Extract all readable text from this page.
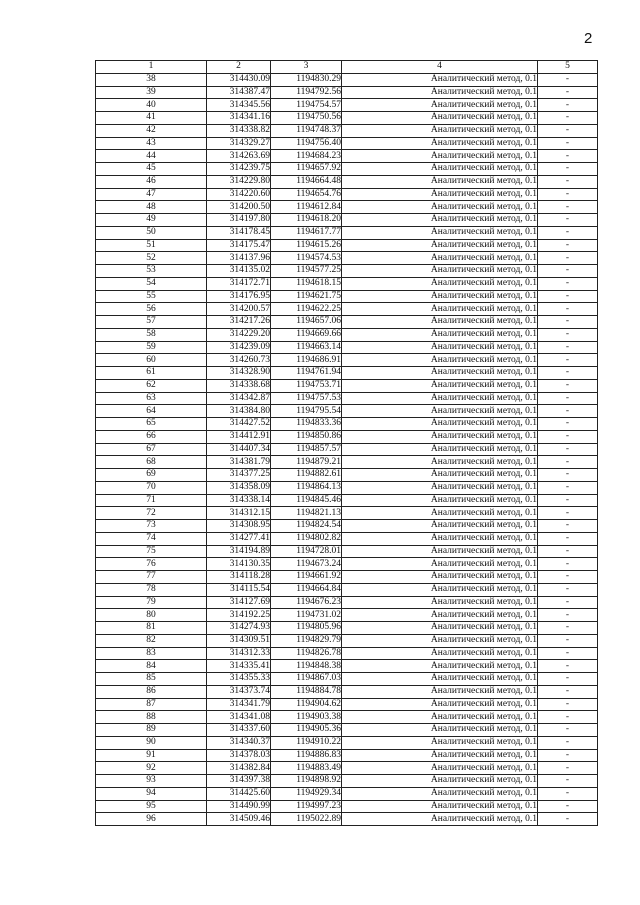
2
1	2	3	4	5
38	314430.09	1194830.29	Аналитический метод, 0.1	-
39	314387.47	1194792.56	Аналитический метод, 0.1	-
40	314345.56	1194754.57	Аналитический метод, 0.1	-
41	314341.16	1194750.56	Аналитический метод, 0.1	-
42	314338.82	1194748.37	Аналитический метод, 0.1	-
43	314329.27	1194756.40	Аналитический метод, 0.1	-
44	314263.69	1194684.23	Аналитический метод, 0.1	-
45	314239.75	1194657.92	Аналитический метод, 0.1	-
46	314229.80	1194664.48	Аналитический метод, 0.1	-
47	314220.60	1194654.76	Аналитический метод, 0.1	-
48	314200.50	1194612.84	Аналитический метод, 0.1	-
49	314197.80	1194618.20	Аналитический метод, 0.1	-
50	314178.45	1194617.77	Аналитический метод, 0.1	-
51	314175.47	1194615.26	Аналитический метод, 0.1	-
52	314137.96	1194574.53	Аналитический метод, 0.1	-
53	314135.02	1194577.25	Аналитический метод, 0.1	-
54	314172.71	1194618.15	Аналитический метод, 0.1	-
55	314176.95	1194621.75	Аналитический метод, 0.1	-
56	314200.57	1194622.25	Аналитический метод, 0.1	-
57	314217.26	1194657.06	Аналитический метод, 0.1	-
58	314229.20	1194669.66	Аналитический метод, 0.1	-
59	314239.09	1194663.14	Аналитический метод, 0.1	-
60	314260.73	1194686.91	Аналитический метод, 0.1	-
61	314328.90	1194761.94	Аналитический метод, 0.1	-
62	314338.68	1194753.71	Аналитический метод, 0.1	-
63	314342.87	1194757.53	Аналитический метод, 0.1	-
64	314384.80	1194795.54	Аналитический метод, 0.1	-
65	314427.52	1194833.36	Аналитический метод, 0.1	-
66	314412.91	1194850.86	Аналитический метод, 0.1	-
67	314407.34	1194857.57	Аналитический метод, 0.1	-
68	314381.79	1194879.21	Аналитический метод, 0.1	-
69	314377.25	1194882.61	Аналитический метод, 0.1	-
70	314358.09	1194864.13	Аналитический метод, 0.1	-
71	314338.14	1194845.46	Аналитический метод, 0.1	-
72	314312.15	1194821.13	Аналитический метод, 0.1	-
73	314308.95	1194824.54	Аналитический метод, 0.1	-
74	314277.41	1194802.82	Аналитический метод, 0.1	-
75	314194.89	1194728.01	Аналитический метод, 0.1	-
76	314130.35	1194673.24	Аналитический метод, 0.1	-
77	314118.28	1194661.92	Аналитический метод, 0.1	-
78	314115.54	1194664.84	Аналитический метод, 0.1	-
79	314127.69	1194676.23	Аналитический метод, 0.1	-
80	314192.25	1194731.02	Аналитический метод, 0.1	-
81	314274.93	1194805.96	Аналитический метод, 0.1	-
82	314309.51	1194829.79	Аналитический метод, 0.1	-
83	314312.33	1194826.78	Аналитический метод, 0.1	-
84	314335.41	1194848.38	Аналитический метод, 0.1	-
85	314355.33	1194867.03	Аналитический метод, 0.1	-
86	314373.74	1194884.78	Аналитический метод, 0.1	-
87	314341.79	1194904.62	Аналитический метод, 0.1	-
88	314341.08	1194903.38	Аналитический метод, 0.1	-
89	314337.60	1194905.36	Аналитический метод, 0.1	-
90	314340.37	1194910.22	Аналитический метод, 0.1	-
91	314378.03	1194886.83	Аналитический метод, 0.1	-
92	314382.84	1194883.49	Аналитический метод, 0.1	-
93	314397.38	1194898.92	Аналитический метод, 0.1	-
94	314425.60	1194929.34	Аналитический метод, 0.1	-
95	314490.99	1194997.23	Аналитический метод, 0.1	-
96	314509.46	1195022.89	Аналитический метод, 0.1	-
